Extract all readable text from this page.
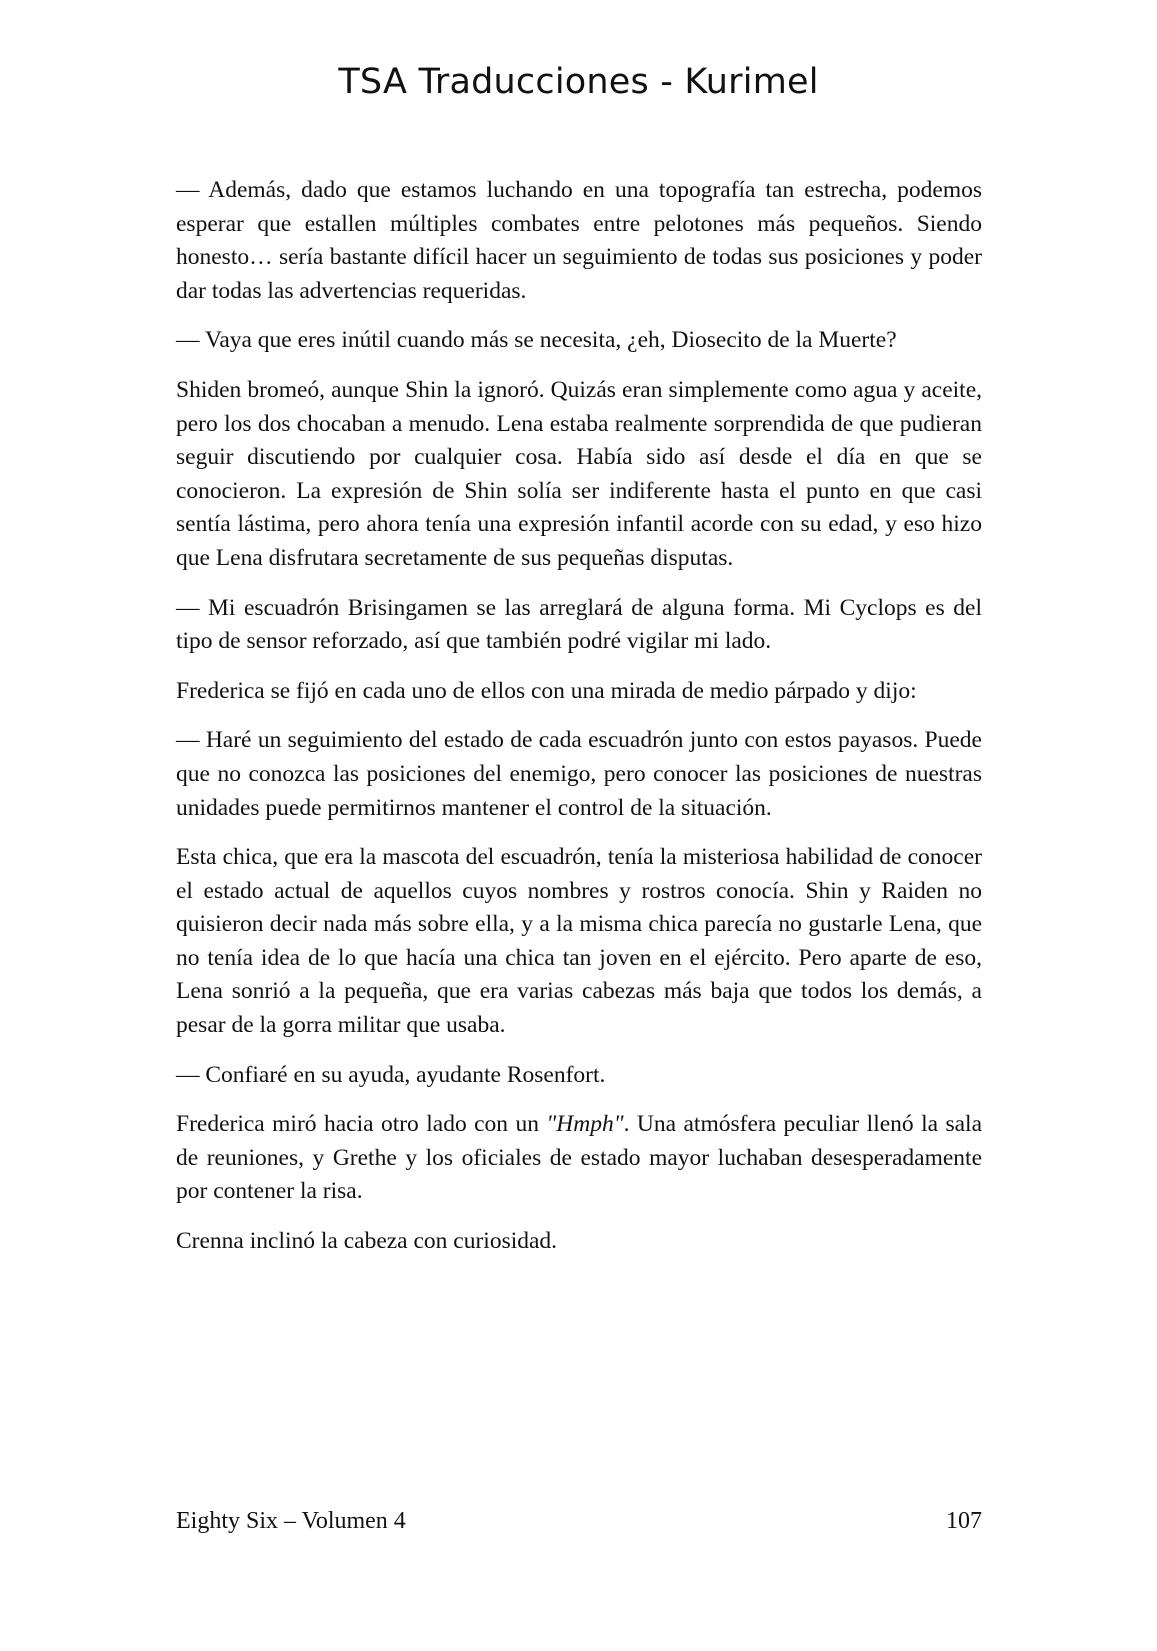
TSA Traducciones - Kurimel

— Además, dado que estamos luchando en una topografía tan estrecha, podemos esperar que estallen múltiples combates entre pelotones más pequeños. Siendo honesto… sería bastante difícil hacer un seguimiento de todas sus posiciones y poder dar todas las advertencias requeridas.

— Vaya que eres inútil cuando más se necesita, ¿eh, Diosecito de la Muerte?

Shiden bromeó, aunque Shin la ignoró. Quizás eran simplemente como agua y aceite, pero los dos chocaban a menudo. Lena estaba realmente sorprendida de que pudieran seguir discutiendo por cualquier cosa. Había sido así desde el día en que se conocieron. La expresión de Shin solía ser indiferente hasta el punto en que casi sentía lástima, pero ahora tenía una expresión infantil acorde con su edad, y eso hizo que Lena disfrutara secretamente de sus pequeñas disputas.

— Mi escuadrón Brisingamen se las arreglará de alguna forma. Mi Cyclops es del tipo de sensor reforzado, así que también podré vigilar mi lado.

Frederica se fijó en cada uno de ellos con una mirada de medio párpado y dijo:

— Haré un seguimiento del estado de cada escuadrón junto con estos payasos. Puede que no conozca las posiciones del enemigo, pero conocer las posiciones de nuestras unidades puede permitirnos mantener el control de la situación.

Esta chica, que era la mascota del escuadrón, tenía la misteriosa habilidad de conocer el estado actual de aquellos cuyos nombres y rostros conocía. Shin y Raiden no quisieron decir nada más sobre ella, y a la misma chica parecía no gustarle Lena, que no tenía idea de lo que hacía una chica tan joven en el ejército. Pero aparte de eso, Lena sonrió a la pequeña, que era varias cabezas más baja que todos los demás, a pesar de la gorra militar que usaba.

— Confiaré en su ayuda, ayudante Rosenfort.

Frederica miró hacia otro lado con un "Hmph". Una atmósfera peculiar llenó la sala de reuniones, y Grethe y los oficiales de estado mayor luchaban desesperadamente por contener la risa.

Crenna inclinó la cabeza con curiosidad.

Eighty Six – Volumen 4	107
